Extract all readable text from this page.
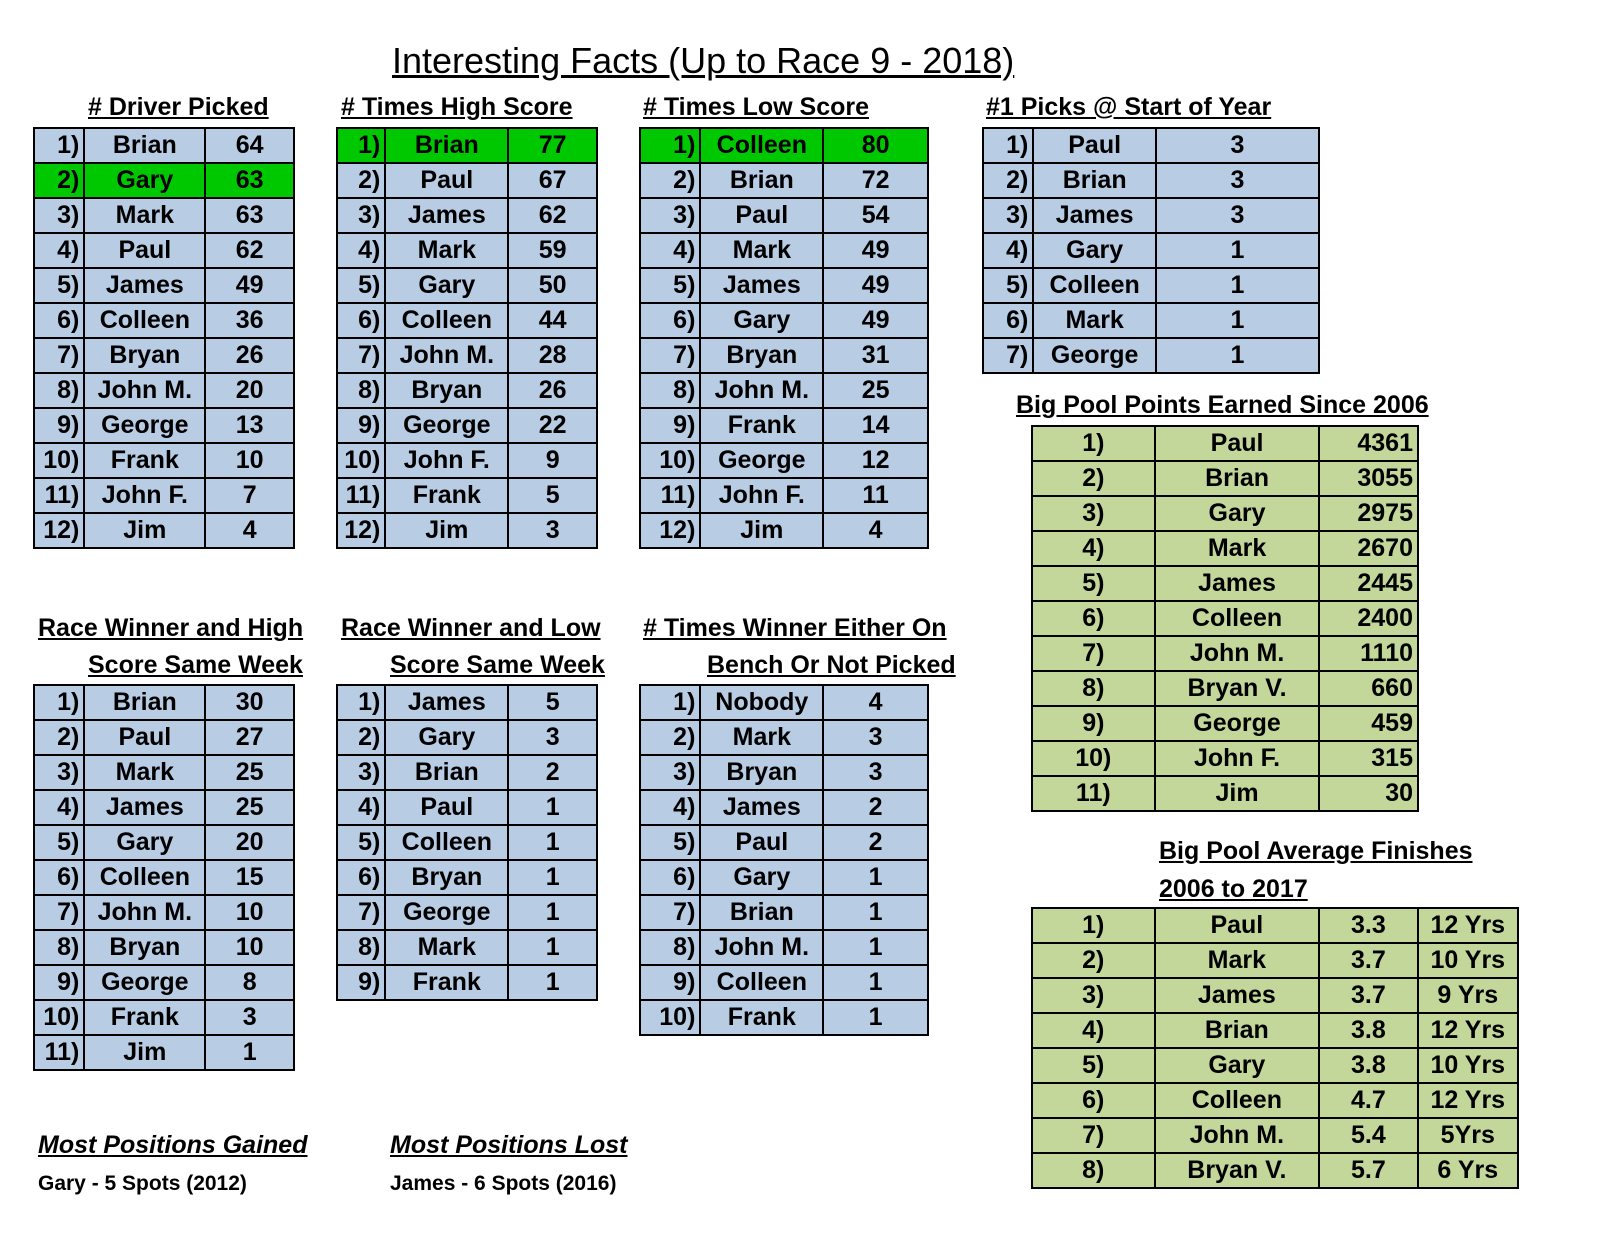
Interesting Facts (Up to Race 9 - 2018)
# Driver Picked
1)	Brian	64
2)	Gary	63
3)	Mark	63
4)	Paul	62
5)	James	49
6)	Colleen	36
7)	Bryan	26
8)	John M.	20
9)	George	13
10)	Frank	10
11)	John F.	7
12)	Jim	4
# Times High Score
1)	Brian	77
2)	Paul	67
3)	James	62
4)	Mark	59
5)	Gary	50
6)	Colleen	44
7)	John M.	28
8)	Bryan	26
9)	George	22
10)	John F.	9
11)	Frank	5
12)	Jim	3
# Times Low Score
1)	Colleen	80
2)	Brian	72
3)	Paul	54
4)	Mark	49
5)	James	49
6)	Gary	49
7)	Bryan	31
8)	John M.	25
9)	Frank	14
10)	George	12
11)	John F.	11
12)	Jim	4
#1 Picks @ Start of Year
1)	Paul	3
2)	Brian	3
3)	James	3
4)	Gary	1
5)	Colleen	1
6)	Mark	1
7)	George	1
Big Pool Points Earned Since 2006
1)	Paul	4361
2)	Brian	3055
3)	Gary	2975
4)	Mark	2670
5)	James	2445
6)	Colleen	2400
7)	John M.	1110
8)	Bryan V.	660
9)	George	459
10)	John F.	315
11)	Jim	30
Race Winner and High
Score Same Week
1)	Brian	30
2)	Paul	27
3)	Mark	25
4)	James	25
5)	Gary	20
6)	Colleen	15
7)	John M.	10
8)	Bryan	10
9)	George	8
10)	Frank	3
11)	Jim	1
Race Winner and Low
Score Same Week
1)	James	5
2)	Gary	3
3)	Brian	2
4)	Paul	1
5)	Colleen	1
6)	Bryan	1
7)	George	1
8)	Mark	1
9)	Frank	1
# Times Winner Either On
Bench Or Not Picked
1)	Nobody	4
2)	Mark	3
3)	Bryan	3
4)	James	2
5)	Paul	2
6)	Gary	1
7)	Brian	1
8)	John M.	1
9)	Colleen	1
10)	Frank	1
Big Pool Average Finishes
2006 to 2017
1)	Paul	3.3	12 Yrs
2)	Mark	3.7	10 Yrs
3)	James	3.7	9 Yrs
4)	Brian	3.8	12 Yrs
5)	Gary	3.8	10 Yrs
6)	Colleen	4.7	12 Yrs
7)	John M.	5.4	5Yrs
8)	Bryan V.	5.7	6 Yrs
Most Positions Gained
Gary - 5 Spots (2012)
Most Positions Lost
James - 6 Spots (2016)
